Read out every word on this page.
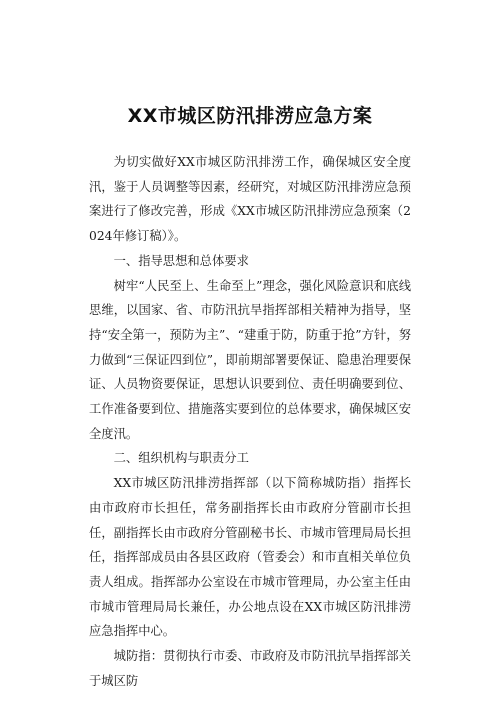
XX市城区防汛排涝应急方案

为切实做好XX市城区防汛排涝工作，确保城区安全度汛，鉴于人员调整等因素，经研究，对城区防汛排涝应急预案进行了修改完善，形成《XX市城区防汛排涝应急预案（2024年修订稿）》。

一、指导思想和总体要求

树牢“人民至上、生命至上”理念，强化风险意识和底线思维，以国家、省、市防汛抗旱指挥部相关精神为指导，坚持“安全第一，预防为主”、“建重于防，防重于抢”方针，努力做到“三保证四到位”，即前期部署要保证、隐患治理要保证、人员物资要保证，思想认识要到位、责任明确要到位、工作准备要到位、措施落实要到位的总体要求，确保城区安全度汛。

二、组织机构与职责分工

XX市城区防汛排涝指挥部（以下简称城防指）指挥长由市政府市长担任，常务副指挥长由市政府分管副市长担任，副指挥长由市政府分管副秘书长、市城市管理局局长担任，指挥部成员由各县区政府（管委会）和市直相关单位负责人组成。指挥部办公室设在市城市管理局，办公室主任由市城市管理局局长兼任，办公地点设在XX市城区防汛排涝应急指挥中心。

城防指：贯彻执行市委、市政府及市防汛抗旱指挥部关于城区防
